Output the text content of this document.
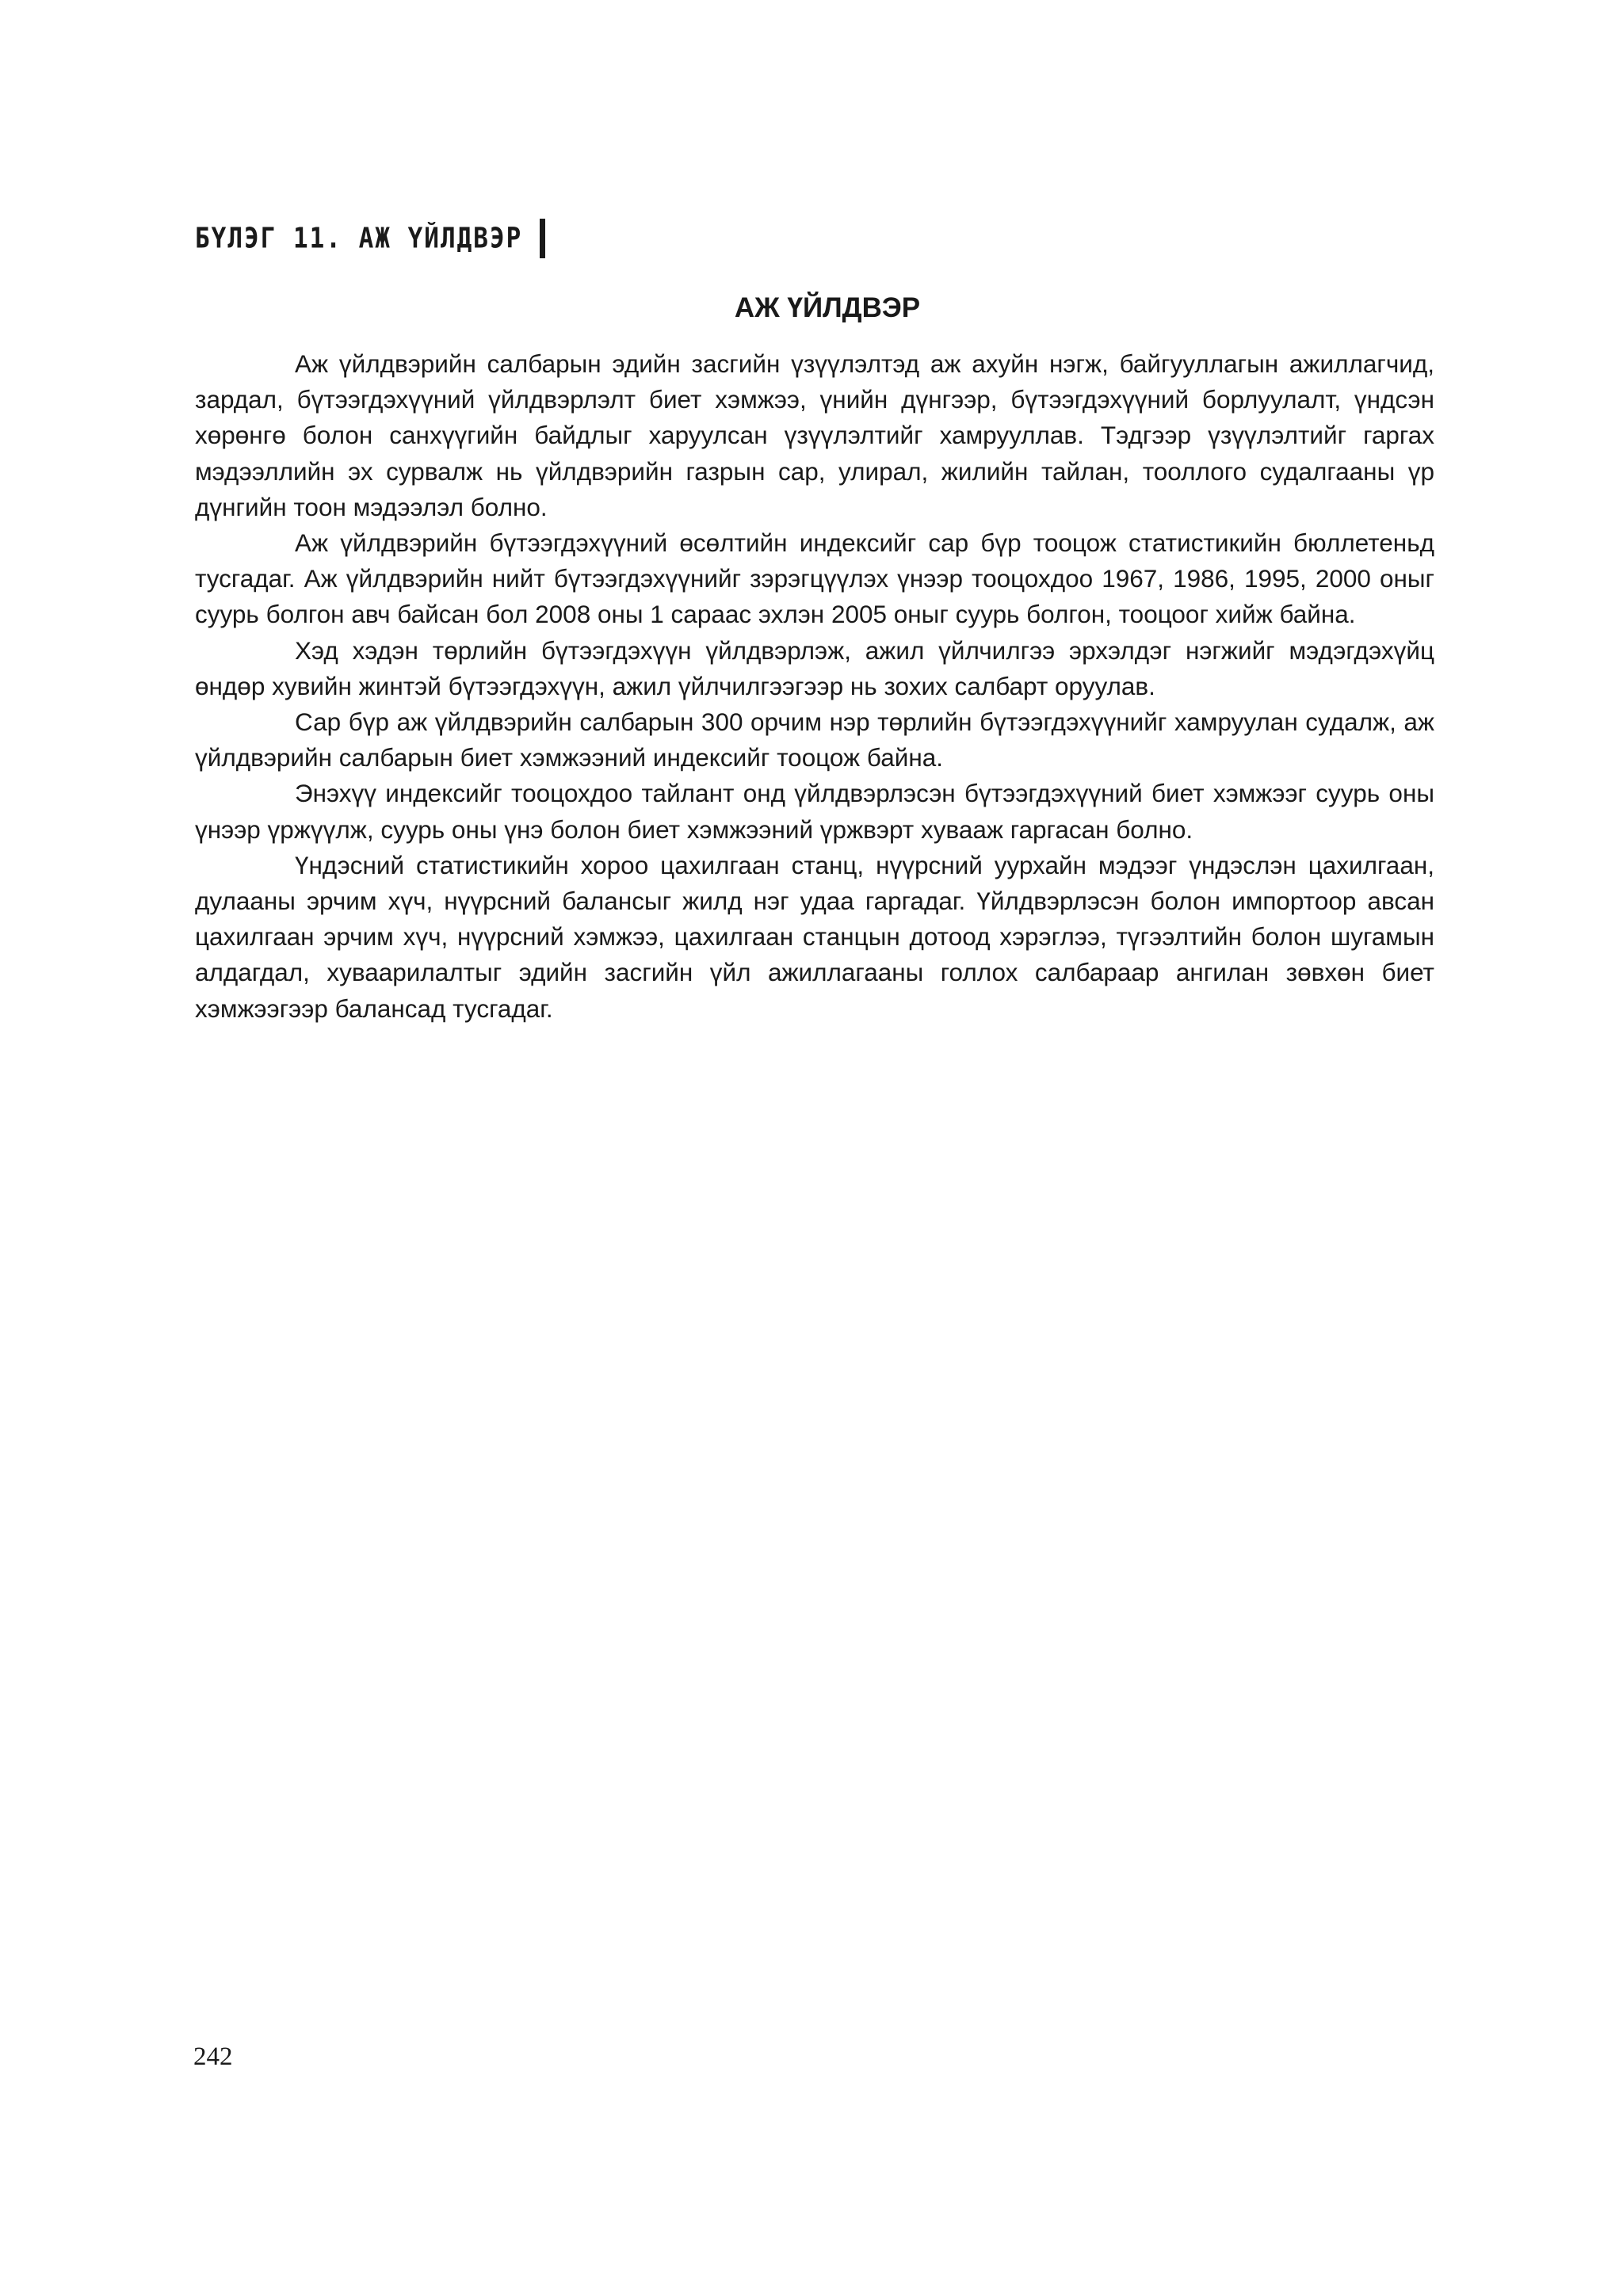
БҮЛЭГ 11. АЖ ҮЙЛДВЭР
АЖ ҮЙЛДВЭР

Аж үйлдвэрийн салбарын эдийн засгийн үзүүлэлтэд аж ахуйн нэгж, байгууллагын ажиллагчид, зардал, бүтээгдэхүүний үйлдвэрлэлт биет хэмжээ, үнийн дүнгээр, бүтээгдэхүүний борлуулалт, үндсэн хөрөнгө болон санхүүгийн байдлыг харуулсан үзүүлэлтийг хамрууллав. Тэдгээр үзүүлэлтийг гаргах мэдээллийн эх сурвалж нь үйлдвэрийн газрын сар, улирал, жилийн тайлан, тооллого судалгааны үр дүнгийн тоон мэдээлэл болно.

Аж үйлдвэрийн бүтээгдэхүүний өсөлтийн индексийг сар бүр тооцож статистикийн бюллетеньд тусгадаг. Аж үйлдвэрийн нийт бүтээгдэхүүнийг зэрэгцүүлэх үнээр тооцохдоо 1967, 1986, 1995, 2000 оныг суурь болгон авч байсан бол 2008 оны 1 сараас эхлэн 2005 оныг суурь болгон, тооцоог хийж байна.

Хэд хэдэн төрлийн бүтээгдэхүүн үйлдвэрлэж, ажил үйлчилгээ эрхэлдэг нэгжийг мэдэгдэхүйц өндөр хувийн жинтэй бүтээгдэхүүн, ажил үйлчилгээгээр нь зохих салбарт оруулав.

Сар бүр аж үйлдвэрийн салбарын 300 орчим нэр төрлийн бүтээгдэхүүнийг хамруулан судалж, аж үйлдвэрийн салбарын биет хэмжээний индексийг тооцож байна.

Энэхүү индексийг тооцохдоо тайлант онд үйлдвэрлэсэн бүтээгдэхүүний биет хэмжээг суурь оны үнээр үржүүлж, суурь оны үнэ болон биет хэмжээний үржвэрт хувааж гаргасан болно.

Үндэсний статистикийн хороо цахилгаан станц, нүүрсний уурхайн мэдээг үндэслэн цахилгаан, дулааны эрчим хүч, нүүрсний балансыг жилд нэг удаа гаргадаг. Үйлдвэрлэсэн болон импортоор авсан цахилгаан эрчим хүч, нүүрсний хэмжээ, цахилгаан станцын дотоод хэрэглээ, түгээлтийн болон шугамын алдагдал, хуваарилалтыг эдийн засгийн үйл ажиллагааны голлох салбараар ангилан зөвхөн биет хэмжээгээр балансад тусгадаг.

242
